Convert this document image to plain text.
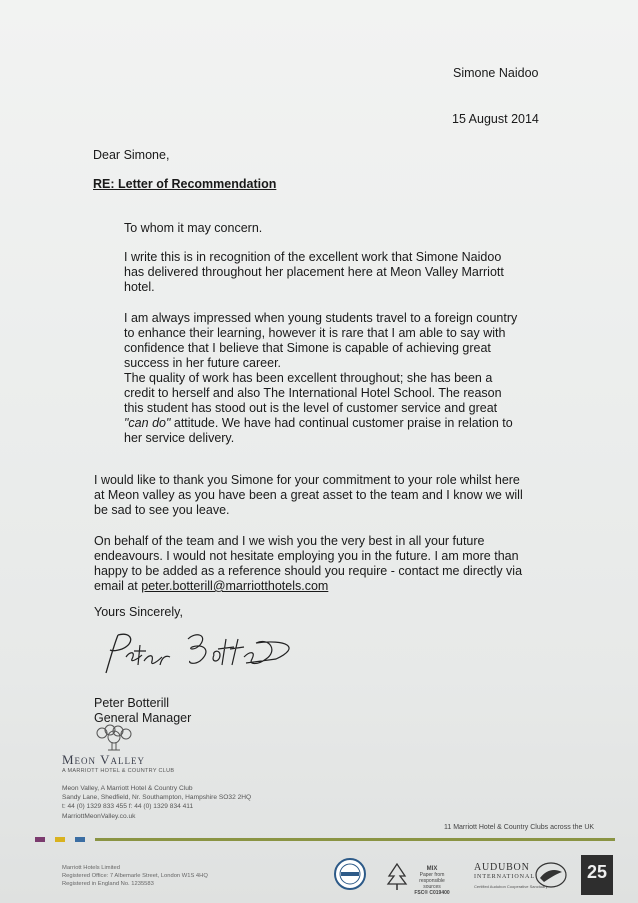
Simone Naidoo
15 August 2014
Dear Simone,
RE: Letter of Recommendation
To whom it may concern.
I write this is in recognition of the excellent work that Simone Naidoo has delivered throughout her placement here at Meon Valley Marriott hotel.
I am always impressed when young students travel to a foreign country to enhance their learning, however it is rare that I am able to say with confidence that I believe that Simone is capable of achieving great success in her future career.
The quality of work has been excellent throughout; she has been a credit to herself and also The International Hotel School. The reason this student has stood out is the level of customer service and great "can do" attitude. We have had continual customer praise in relation to her service delivery.
I would like to thank you Simone for your commitment to your role whilst here at Meon valley as you have been a great asset to the team and I know we will be sad to see you leave.
On behalf of the team and I we wish you the very best in all your future endeavours. I would not hesitate employing you in the future. I am more than happy to be added as a reference should you require - contact me directly via email at peter.botterill@marriotthotels.com
Yours Sincerely,
Peter Botterill
General Manager
Meon Valley
A MARRIOTT HOTEL & COUNTRY CLUB
Meon Valley, A Marriott Hotel & Country Club
Sandy Lane, Shedfield, Nr. Southampton, Hampshire SO32 2HQ
t: 44 (0) 1329 833 455 f: 44 (0) 1329 834 411
MarriottMeonValley.co.uk
11 Marriott Hotel & Country Clubs across the UK
Marriott Hotels Limited
Registered Office: 7 Albemarle Street, London W1S 4HQ
Registered in England No. 1235583
MIX
Paper from
responsible sources
FSC® C019400
AUDUBON
INTERNATIONAL
Certified Audubon Cooperative Sanctuary
25
